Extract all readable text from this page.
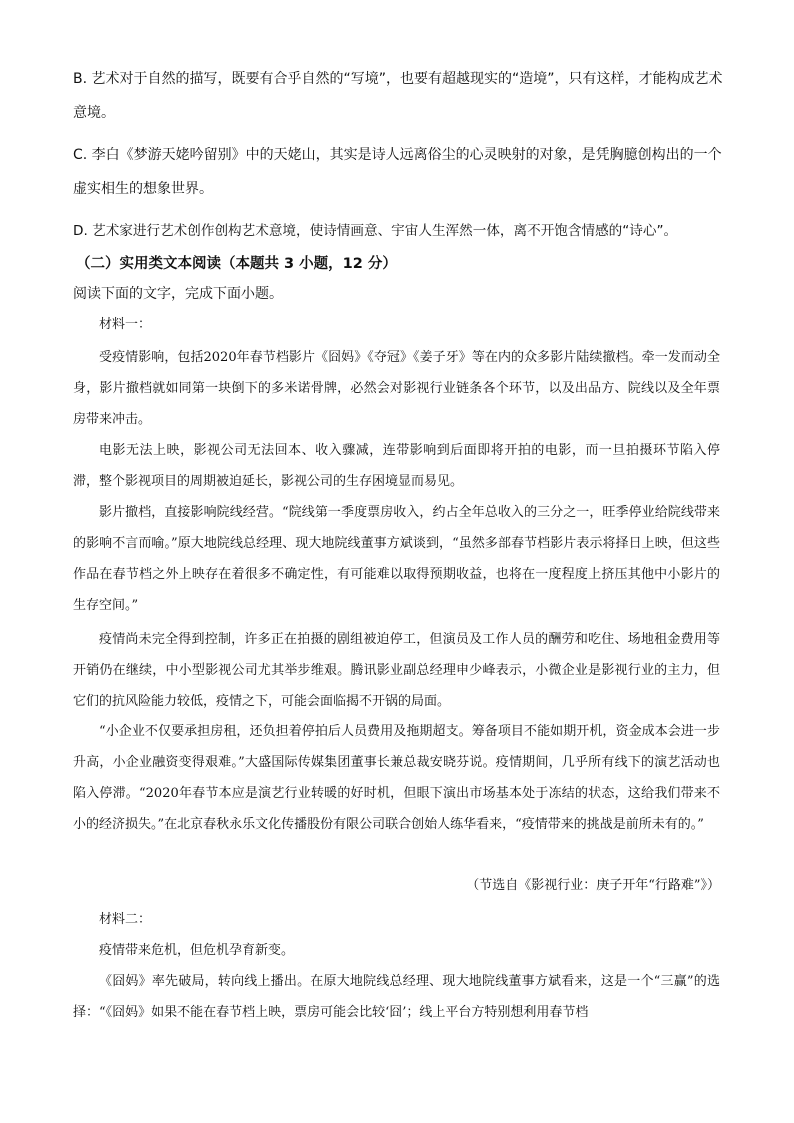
B. 艺术对于自然的描写，既要有合乎自然的“写境”，也要有超越现实的“造境”，只有这样，才能构成艺术意境。

C. 李白《梦游天姥吟留别》中的天姥山，其实是诗人远离俗尘的心灵映射的对象，是凭胸臆创构出的一个虚实相生的想象世界。

D. 艺术家进行艺术创作创构艺术意境，使诗情画意、宇宙人生浑然一体，离不开饱含情感的“诗心”。

（二）实用类文本阅读（本题共 3 小题，12 分）

阅读下面的文字，完成下面小题。

材料一：

受疫情影响，包括2020年春节档影片《囧妈》《夺冠》《姜子牙》等在内的众多影片陆续撤档。牵一发而动全身，影片撤档就如同第一块倒下的多米诺骨牌，必然会对影视行业链条各个环节，以及出品方、院线以及全年票房带来冲击。

电影无法上映，影视公司无法回本、收入骤减，连带影响到后面即将开拍的电影，而一旦拍摄环节陷入停滞，整个影视项目的周期被迫延长，影视公司的生存困境显而易见。

影片撤档，直接影响院线经营。“院线第一季度票房收入，约占全年总收入的三分之一，旺季停业给院线带来的影响不言而喻。”原大地院线总经理、现大地院线董事方斌谈到，“虽然多部春节档影片表示将择日上映，但这些作品在春节档之外上映存在着很多不确定性，有可能难以取得预期收益，也将在一度程度上挤压其他中小影片的生存空间。”

疫情尚未完全得到控制，许多正在拍摄的剧组被迫停工，但演员及工作人员的酬劳和吃住、场地租金费用等开销仍在继续，中小型影视公司尤其举步维艰。腾讯影业副总经理申少峰表示，小微企业是影视行业的主力，但它们的抗风险能力较低，疫情之下，可能会面临揭不开锅的局面。

“小企业不仅要承担房租，还负担着停拍后人员费用及拖期超支。筹备项目不能如期开机，资金成本会进一步升高，小企业融资变得艰难。”大盛国际传媒集团董事长兼总裁安晓芬说。疫情期间，几乎所有线下的演艺活动也陷入停滞。“2020年春节本应是演艺行业转暖的好时机，但眼下演出市场基本处于冻结的状态，这给我们带来不小的经济损失。”在北京春秋永乐文化传播股份有限公司联合创始人练华看来，“疫情带来的挑战是前所未有的。”

（节选自《影视行业：庚子开年“行路难”》）

材料二：

疫情带来危机，但危机孕育新变。

《囧妈》率先破局，转向线上播出。在原大地院线总经理、现大地院线董事方斌看来，这是一个“三赢”的选择：“《囧妈》如果不能在春节档上映，票房可能会比较‘囧’；线上平台方特别想利用春节档
